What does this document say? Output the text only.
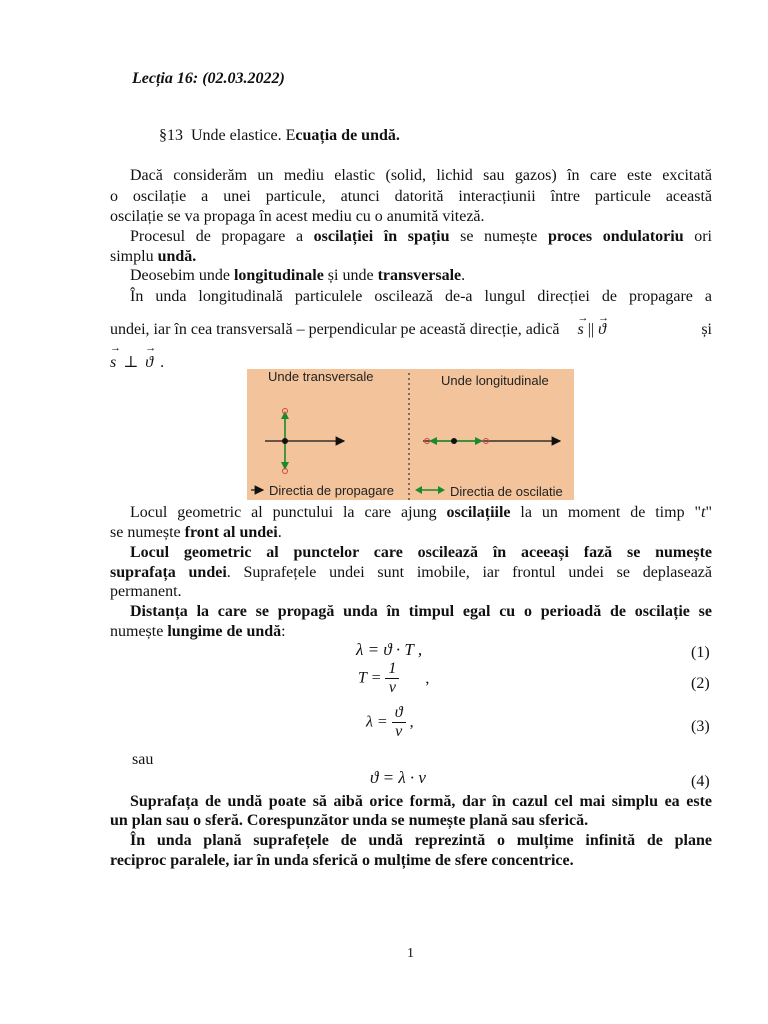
Lecția 16: (02.03.2022)
§13 Unde elastice. Ecuația de undă.
Dacă considerăm un mediu elastic (solid, lichid sau gazos) în care este excitată
o oscilație a unei particule, atunci datorită interacțiunii între particule această
oscilație se va propaga în acest mediu cu o anumită viteză.
Procesul de propagare a oscilației în spațiu se numește proces ondulatoriu ori
simplu undă.
Deosebim unde longitudinale și unde transversale.
În unda longitudinală particulele oscilează de-a lungul direcției de propagare a
undei, iar în cea transversală – perpendicular pe această direcție, adică → s || → ϑ	și
→ s ⊥ → ϑ .
Unde transversale	Unde longitudinale
Directia de propagare	Directia de oscilatie
Locul geometric al punctului la care ajung oscilațiile la un moment de timp "t"
se numește front al undei.
Locul geometric al punctelor care oscilează în aceeași fază se numește
suprafața undei. Suprafețele undei sunt imobile, iar frontul undei se deplasează
permanent.
Distanța la care se propagă unda în timpul egal cu o perioadă de oscilație se
numește lungime de undă:
λ = ϑ · T ,	(1)
$T = \frac{1}{\nu}$ ,	(2)
$\lambda = \frac{ϑ}{\nu}$ ,	(3)
sau
ϑ = λ · ν	(4)
Suprafața de undă poate să aibă orice formă, dar în cazul cel mai simplu ea este
un plan sau o sferă. Corespunzător unda se numește plană sau sferică.
În unda plană suprafețele de undă reprezintă o mulțime infinită de plane
reciproc paralele, iar în unda sferică o mulțime de sfere concentrice.
1
